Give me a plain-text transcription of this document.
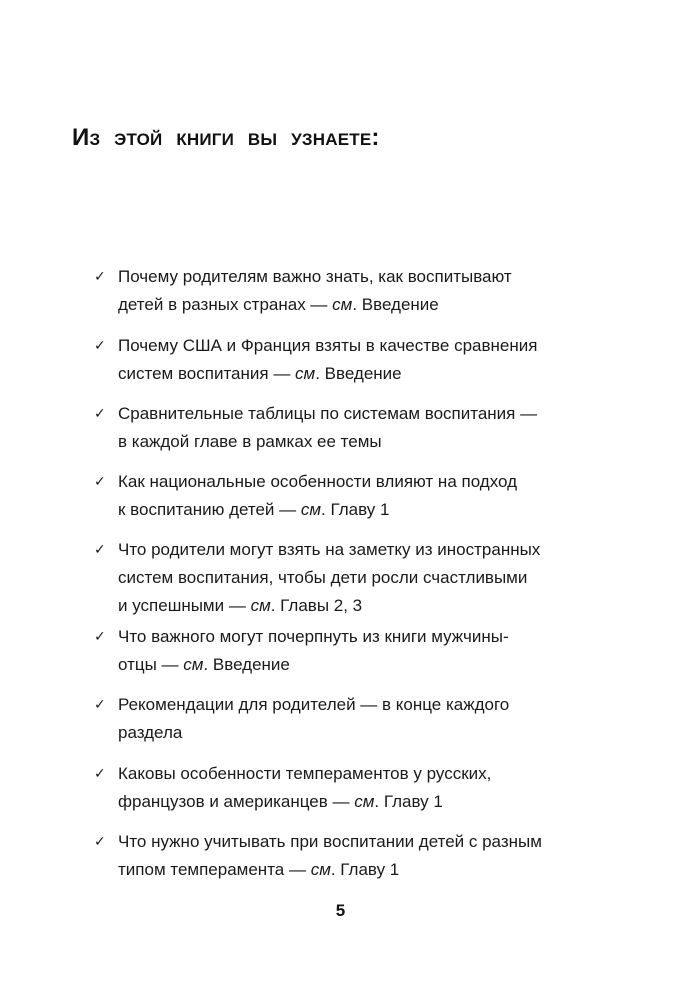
Из этой книги вы узнаете:
✓ Почему родителям важно знать, как воспитывают
детей в разных странах — см. Введение
✓ Почему США и Франция взяты в качестве сравнения
систем воспитания — см. Введение
✓ Сравнительные таблицы по системам воспитания —
в каждой главе в рамках ее темы
✓ Как национальные особенности влияют на подход
к воспитанию детей — см. Главу 1
✓ Что родители могут взять на заметку из иностранных
систем воспитания, чтобы дети росли счастливыми
и успешными — см. Главы 2, 3
✓ Что важного могут почерпнуть из книги мужчины-
отцы — см. Введение
✓ Рекомендации для родителей — в конце каждого
раздела
✓ Каковы особенности темпераментов у русских,
французов и американцев — см. Главу 1
✓ Что нужно учитывать при воспитании детей с разным
типом темперамента — см. Главу 1
5
